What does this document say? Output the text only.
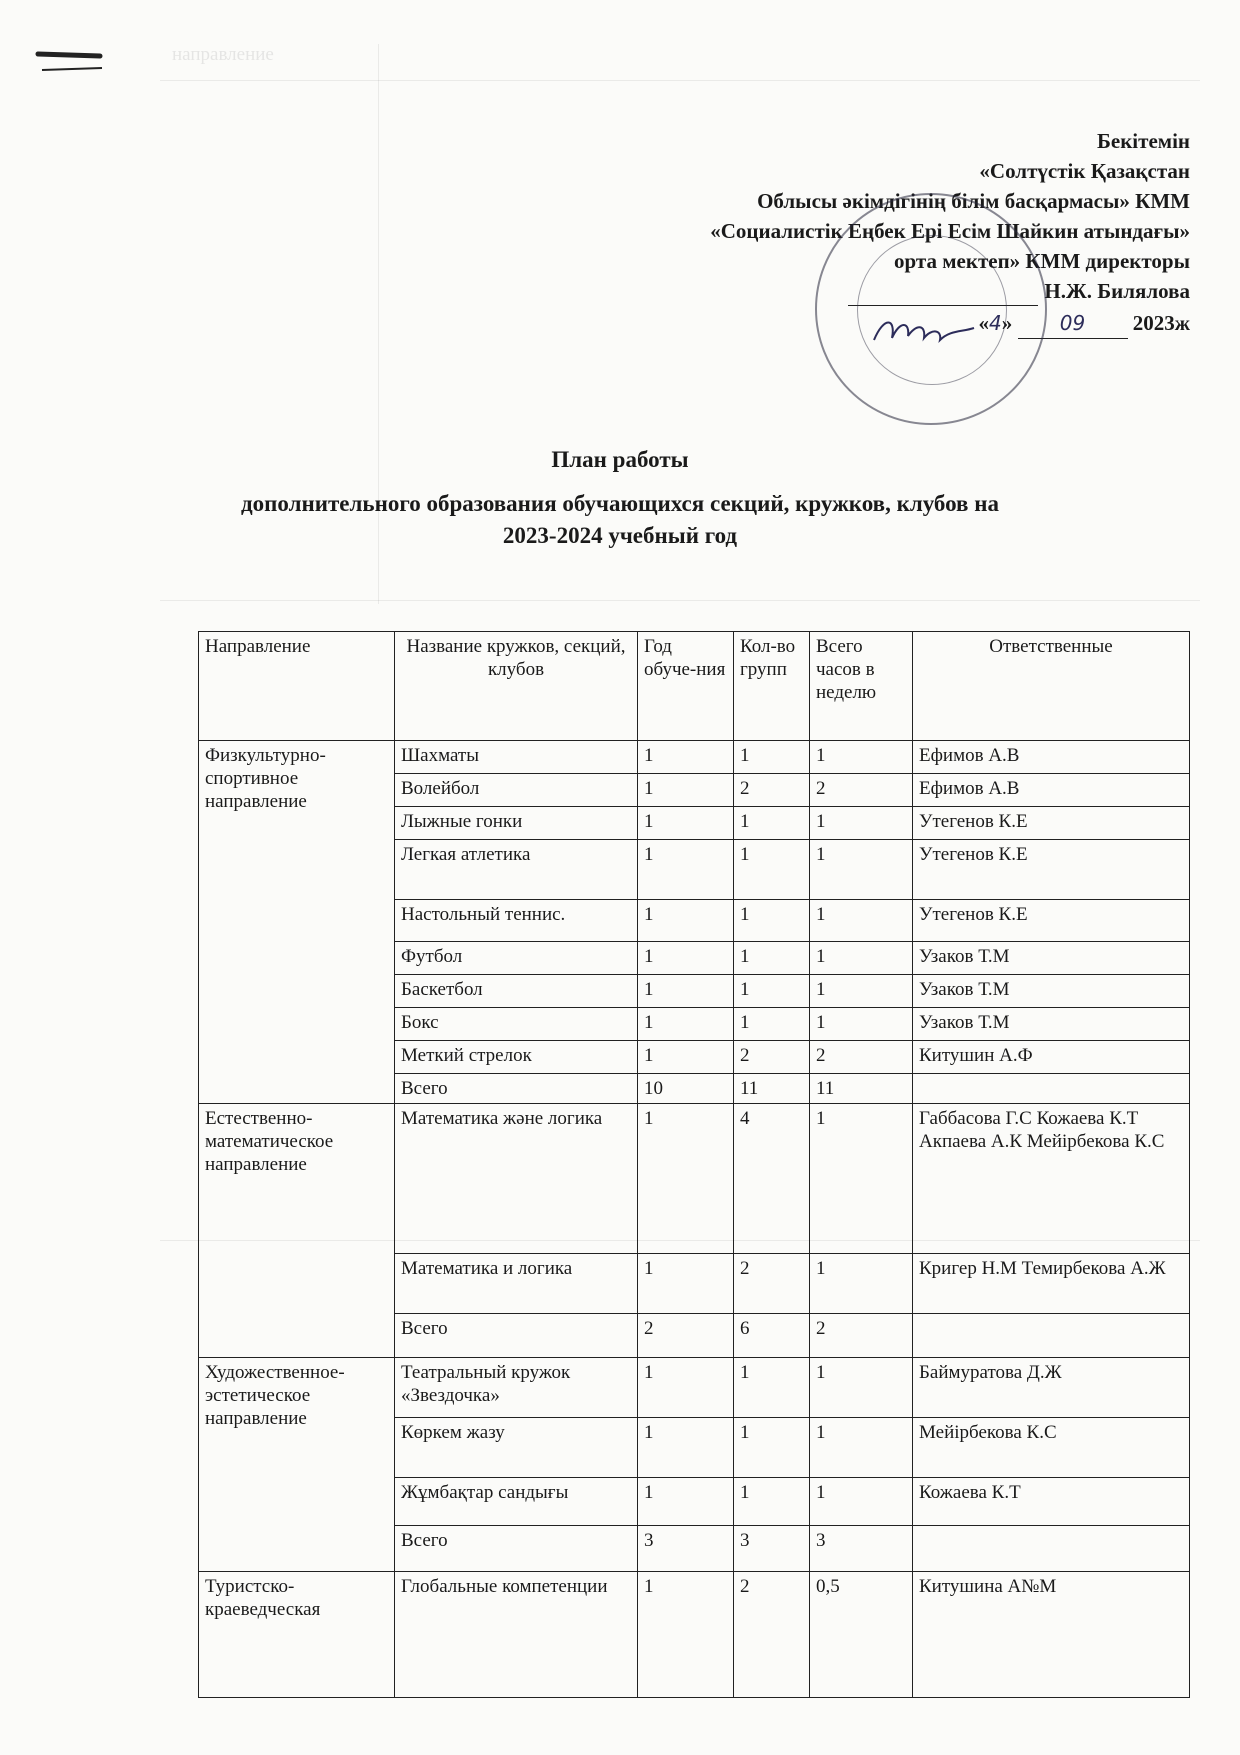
направление
Бекітемін
«Солтүстік Қазақстан
Облысы әкімдігінің білім басқармасы» КММ
«Социалистік Еңбек Ері Есім Шайкин атындағы»
орта мектеп» КММ директоры
Н.Ж. Билялова
«4» 09 2023ж
План работы
дополнительного образования обучающихся секций, кружков, клубов на
2023-2024 учебный год
Направление	Название кружков, секций, клубов	Год обуче-ния	Кол-во групп	Всего часов в неделю	Ответственные
Физкультурно-спортивное направление	Шахматы	1	1	1	Ефимов А.В
	Волейбол	1	2	2	Ефимов А.В
	Лыжные гонки	1	1	1	Утегенов К.Е
	Легкая атлетика	1	1	1	Утегенов К.Е
	Настольный теннис.	1	1	1	Утегенов К.Е
	Футбол	1	1	1	Узаков Т.М
	Баскетбол	1	1	1	Узаков Т.М
	Бокс	1	1	1	Узаков Т.М
	Меткий стрелок	1	2	2	Китушин А.Ф
	Всего	10	11	11	
Естественно-математическое направление	Математика және логика	1	4	1	Габбасова Г.С Кожаева К.Т Акпаева А.К Мейірбекова К.С
	Математика и логика	1	2	1	Кригер Н.М Темирбекова А.Ж
	Всего	2	6	2	
Художественное-эстетическое направление	Театральный кружок «Звездочка»	1	1	1	Баймуратова Д.Ж
	Көркем жазу	1	1	1	Мейірбекова К.С
	Жұмбақтар сандығы	1	1	1	Кожаева К.Т
	Всего	3	3	3	
Туристско-краеведческая	Глобальные компетенции	1	2	0,5	Китушина А№М
